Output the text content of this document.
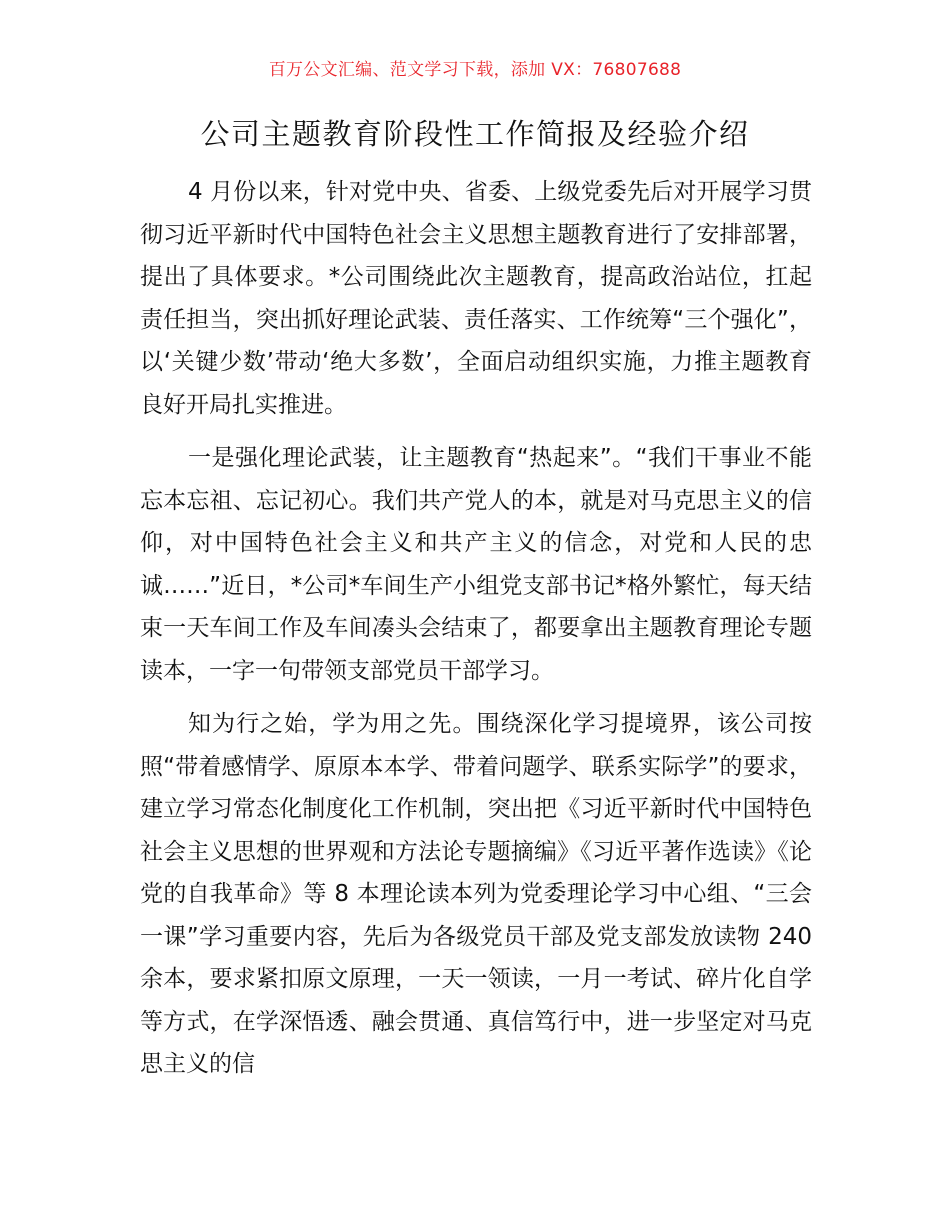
百万公文汇编、范文学习下载，添加 VX：76807688
公司主题教育阶段性工作简报及经验介绍

4 月份以来，针对党中央、省委、上级党委先后对开展学习贯彻习近平新时代中国特色社会主义思想主题教育进行了安排部署，提出了具体要求。*公司围绕此次主题教育，提高政治站位，扛起责任担当，突出抓好理论武装、责任落实、工作统筹“三个强化”，以‘关键少数’带动‘绝大多数’，全面启动组织实施，力推主题教育良好开局扎实推进。

一是强化理论武装，让主题教育“热起来”。“我们干事业不能忘本忘祖、忘记初心。我们共产党人的本，就是对马克思主义的信仰，对中国特色社会主义和共产主义的信念，对党和人民的忠诚……”近日，*公司*车间生产小组党支部书记*格外繁忙，每天结束一天车间工作及车间凑头会结束了，都要拿出主题教育理论专题读本，一字一句带领支部党员干部学习。

知为行之始，学为用之先。围绕深化学习提境界，该公司按照“带着感情学、原原本本学、带着问题学、联系实际学”的要求，建立学习常态化制度化工作机制，突出把《习近平新时代中国特色社会主义思想的世界观和方法论专题摘编》《习近平著作选读》《论党的自我革命》等 8 本理论读本列为党委理论学习中心组、“三会一课”学习重要内容，先后为各级党员干部及党支部发放读物 240 余本，要求紧扣原文原理，一天一领读，一月一考试、碎片化自学等方式，在学深悟透、融会贯通、真信笃行中，进一步坚定对马克思主义的信
